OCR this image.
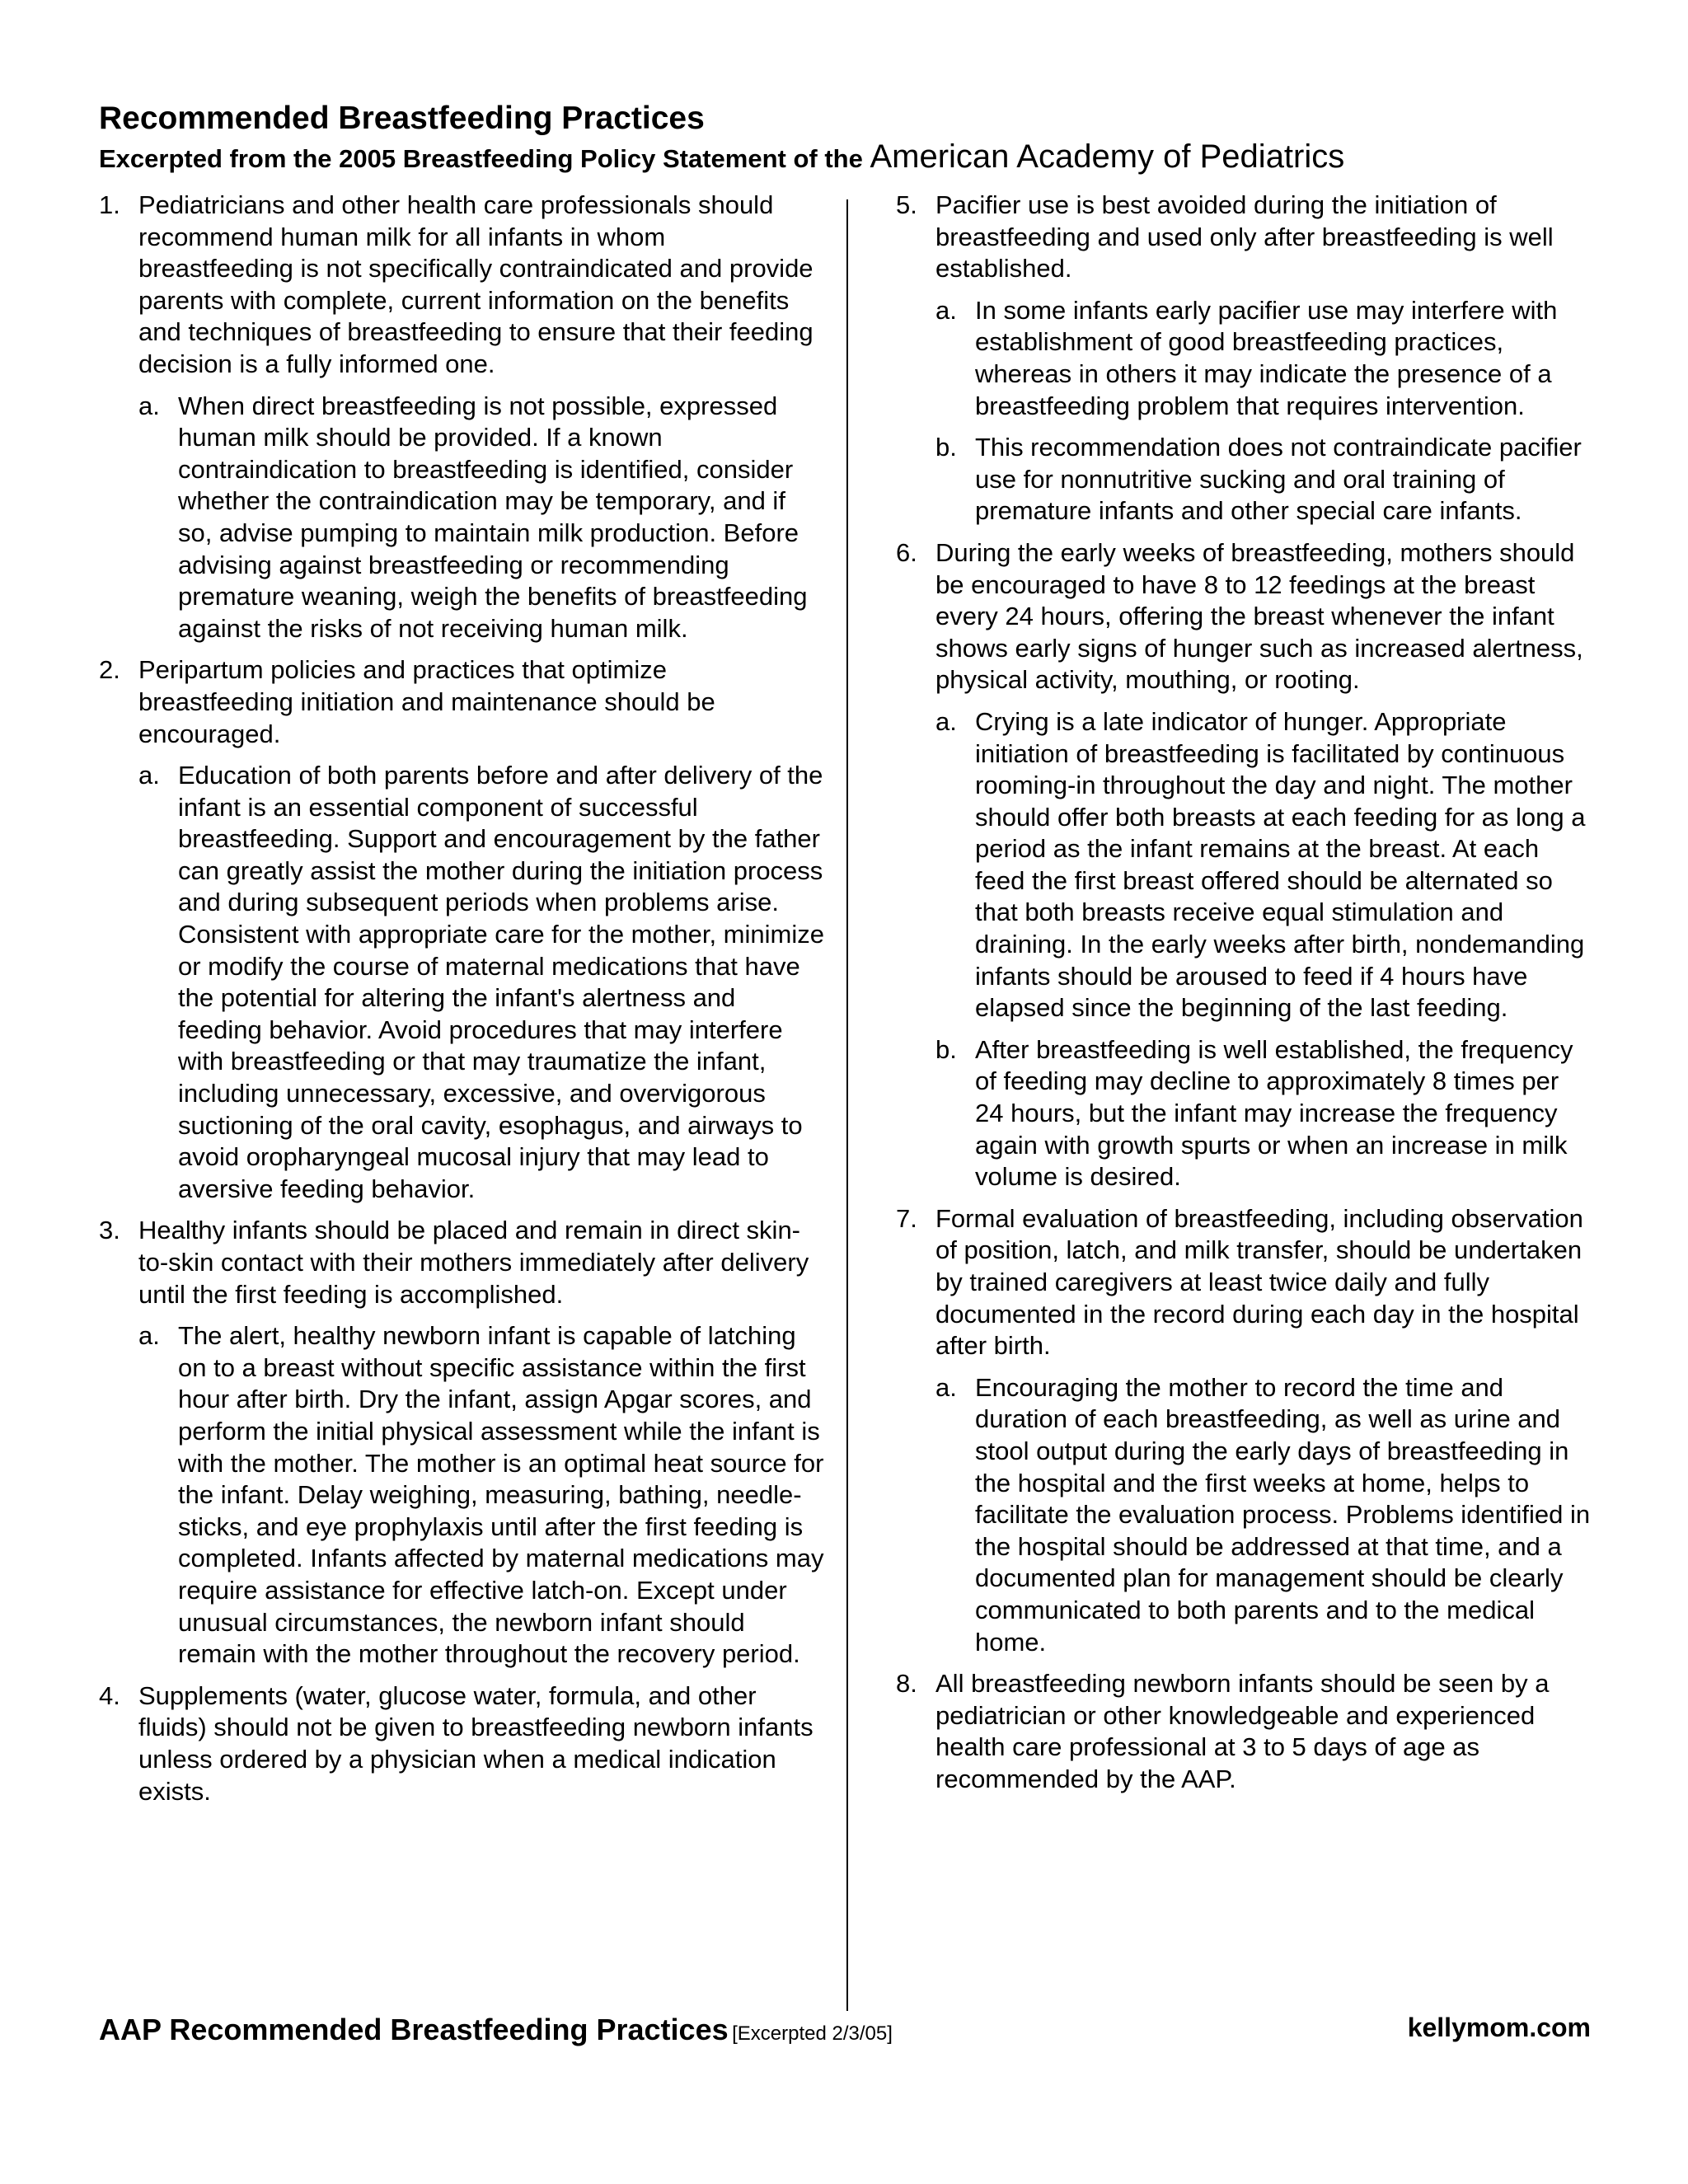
Recommended Breastfeeding Practices

Excerpted from the 2005 Breastfeeding Policy Statement of the American Academy of Pediatrics

1. Pediatricians and other health care professionals should recommend human milk for all infants in whom breastfeeding is not specifically contraindicated and provide parents with complete, current information on the benefits and techniques of breastfeeding to ensure that their feeding decision is a fully informed one.
a. When direct breastfeeding is not possible, expressed human milk should be provided. If a known contraindication to breastfeeding is identified, consider whether the contraindication may be temporary, and if so, advise pumping to maintain milk production. Before advising against breastfeeding or recommending premature weaning, weigh the benefits of breastfeeding against the risks of not receiving human milk.
2. Peripartum policies and practices that optimize breastfeeding initiation and maintenance should be encouraged.
a. Education of both parents before and after delivery of the infant is an essential component of successful breastfeeding. Support and encouragement by the father can greatly assist the mother during the initiation process and during subsequent periods when problems arise. Consistent with appropriate care for the mother, minimize or modify the course of maternal medications that have the potential for altering the infant's alertness and feeding behavior. Avoid procedures that may interfere with breastfeeding or that may traumatize the infant, including unnecessary, excessive, and overvigorous suctioning of the oral cavity, esophagus, and airways to avoid oropharyngeal mucosal injury that may lead to aversive feeding behavior.
3. Healthy infants should be placed and remain in direct skin-to-skin contact with their mothers immediately after delivery until the first feeding is accomplished.
a. The alert, healthy newborn infant is capable of latching on to a breast without specific assistance within the first hour after birth. Dry the infant, assign Apgar scores, and perform the initial physical assessment while the infant is with the mother. The mother is an optimal heat source for the infant. Delay weighing, measuring, bathing, needle-sticks, and eye prophylaxis until after the first feeding is completed. Infants affected by maternal medications may require assistance for effective latch-on. Except under unusual circumstances, the newborn infant should remain with the mother throughout the recovery period.
4. Supplements (water, glucose water, formula, and other fluids) should not be given to breastfeeding newborn infants unless ordered by a physician when a medical indication exists.
5. Pacifier use is best avoided during the initiation of breastfeeding and used only after breastfeeding is well established.
a. In some infants early pacifier use may interfere with establishment of good breastfeeding practices, whereas in others it may indicate the presence of a breastfeeding problem that requires intervention.
b. This recommendation does not contraindicate pacifier use for nonnutritive sucking and oral training of premature infants and other special care infants.
6. During the early weeks of breastfeeding, mothers should be encouraged to have 8 to 12 feedings at the breast every 24 hours, offering the breast whenever the infant shows early signs of hunger such as increased alertness, physical activity, mouthing, or rooting.
a. Crying is a late indicator of hunger. Appropriate initiation of breastfeeding is facilitated by continuous rooming-in throughout the day and night. The mother should offer both breasts at each feeding for as long a period as the infant remains at the breast. At each feed the first breast offered should be alternated so that both breasts receive equal stimulation and draining. In the early weeks after birth, nondemanding infants should be aroused to feed if 4 hours have elapsed since the beginning of the last feeding.
b. After breastfeeding is well established, the frequency of feeding may decline to approximately 8 times per 24 hours, but the infant may increase the frequency again with growth spurts or when an increase in milk volume is desired.
7. Formal evaluation of breastfeeding, including observation of position, latch, and milk transfer, should be undertaken by trained caregivers at least twice daily and fully documented in the record during each day in the hospital after birth.
a. Encouraging the mother to record the time and duration of each breastfeeding, as well as urine and stool output during the early days of breastfeeding in the hospital and the first weeks at home, helps to facilitate the evaluation process. Problems identified in the hospital should be addressed at that time, and a documented plan for management should be clearly communicated to both parents and to the medical home.
8. All breastfeeding newborn infants should be seen by a pediatrician or other knowledgeable and experienced health care professional at 3 to 5 days of age as recommended by the AAP.
AAP Recommended Breastfeeding Practices [Excerpted 2/3/05]	kellymom.com
